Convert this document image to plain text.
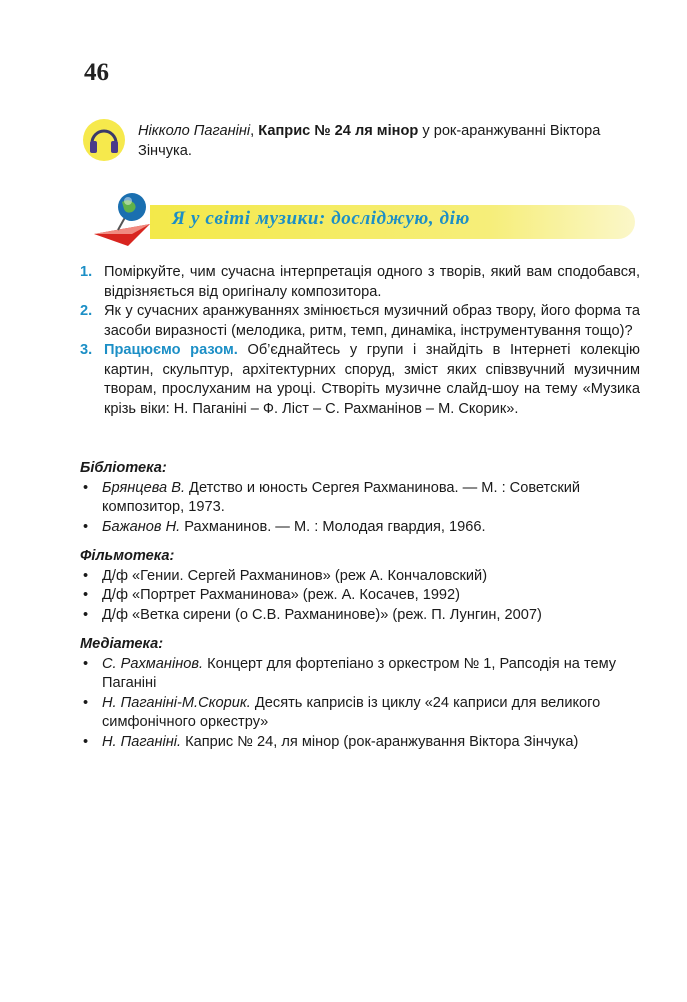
46
Нікколо Паганіні, Каприс № 24 ля мінор у рок-аранжуванні Віктора Зінчука.
Я у світі музики: досліджую, дію
1. Поміркуйте, чим сучасна інтерпретація одного з творів, який вам сподобався, відрізняється від оригіналу композитора.
2. Як у сучасних аранжуваннях змінюється музичний образ твору, його форма та засоби виразності (мелодика, ритм, темп, динаміка, інструментування тощо)?
3. Працюємо разом. Об’єднайтесь у групи і знайдіть в Інтернеті колекцію картин, скульптур, архітектурних споруд, зміст яких співзвучний музичним творам, прослуханим на уроці. Створіть музичне слайд-шоу на тему «Музика крізь віки: Н. Паганіні – Ф. Ліст – С. Рахманінов – М. Скорик».
Бібліотека:
• Брянцева В. Детство и юность Сергея Рахманинова. — М. : Советский композитор, 1973.
• Бажанов Н. Рахманинов. — М. : Молодая гвардия, 1966.
Фільмотека:
• Д/ф «Гении. Сергей Рахманинов» (реж А. Кончаловский)
• Д/ф «Портрет Рахманинова» (реж. А. Косачев, 1992)
• Д/ф «Ветка сирени (о С.В. Рахманинове)» (реж. П. Лунгин, 2007)
Медіатека:
• С. Рахманінов. Концерт для фортепіано з оркестром № 1, Рапсодія на тему Паганіні
• Н. Паганіні-М.Скорик. Десять каприсів із циклу «24 каприси для великого симфонічного оркестру»
• Н. Паганіні. Каприс № 24, ля мінор (рок-аранжування Віктора Зінчука)
